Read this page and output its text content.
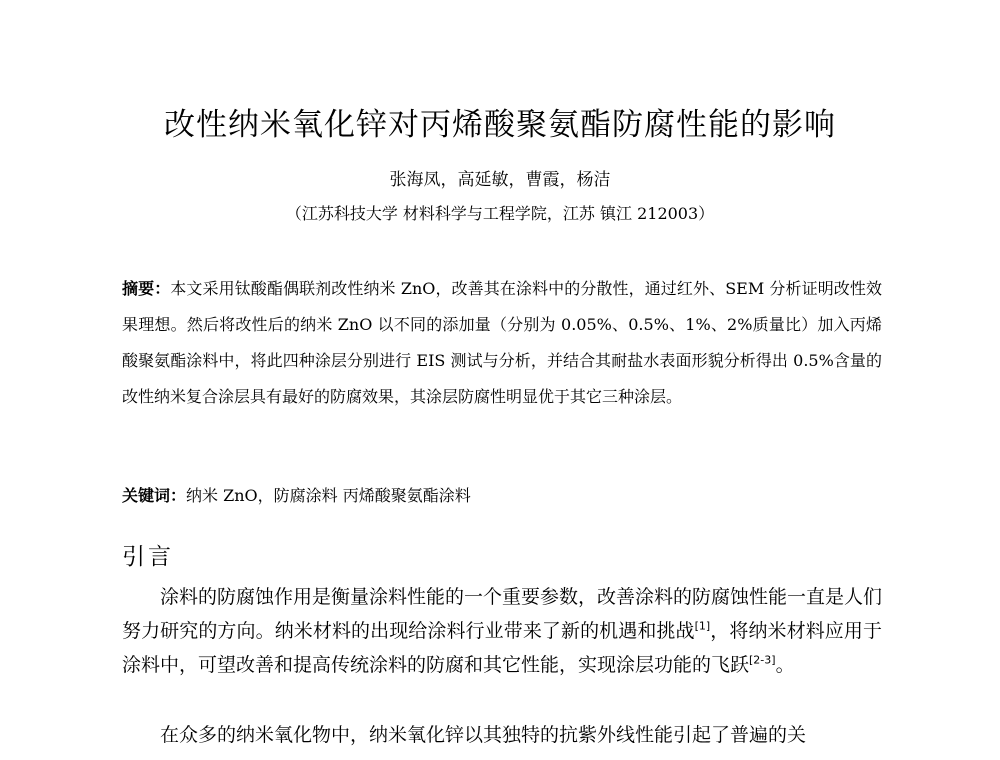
改性纳米氧化锌对丙烯酸聚氨酯防腐性能的影响
张海凤，高延敏，曹霞，杨洁
（江苏科技大学 材料科学与工程学院，江苏 镇江 212003）
摘要：本文采用钛酸酯偶联剂改性纳米 ZnO，改善其在涂料中的分散性，通过红外、SEM 分析证明改性效果理想。然后将改性后的纳米 ZnO 以不同的添加量（分别为 0.05%、0.5%、1%、2%质量比）加入丙烯酸聚氨酯涂料中，将此四种涂层分别进行 EIS 测试与分析，并结合其耐盐水表面形貌分析得出 0.5%含量的改性纳米复合涂层具有最好的防腐效果，其涂层防腐性明显优于其它三种涂层。
关键词：纳米 ZnO，防腐涂料 丙烯酸聚氨酯涂料
引言

涂料的防腐蚀作用是衡量涂料性能的一个重要参数，改善涂料的防腐蚀性能一直是人们努力研究的方向。纳米材料的出现给涂料行业带来了新的机遇和挑战[1]，将纳米材料应用于涂料中，可望改善和提高传统涂料的防腐和其它性能，实现涂层功能的飞跃[2-3]。

在众多的纳米氧化物中，纳米氧化锌以其独特的抗紫外线性能引起了普遍的关
